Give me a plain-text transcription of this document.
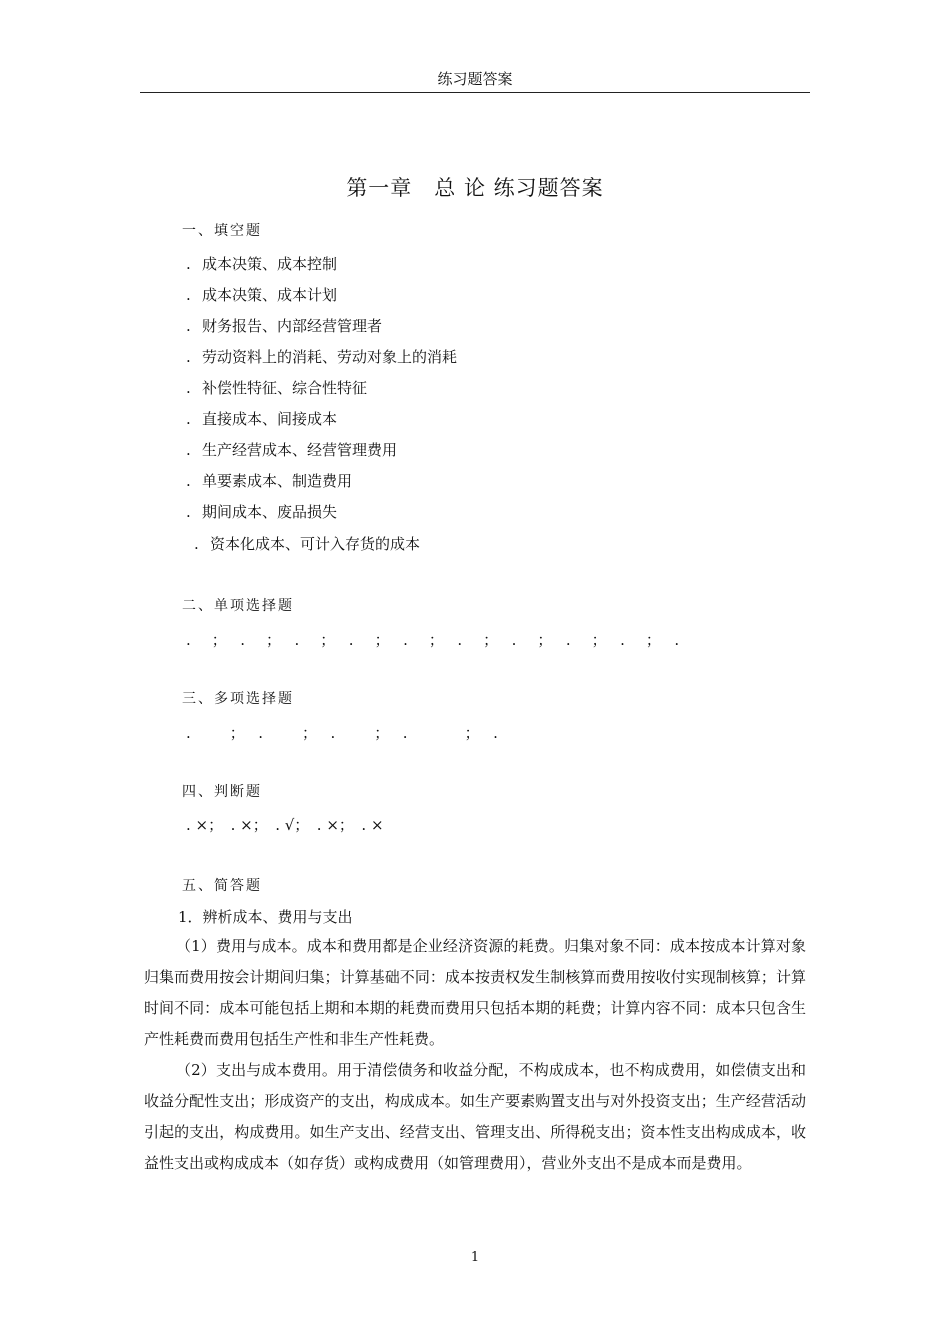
练习题答案
第一章　总 论 练习题答案
一、填空题
. 成本决策、成本控制
. 成本决策、成本计划
. 财务报告、内部经营管理者
. 劳动资料上的消耗、劳动对象上的消耗
. 补偿性特征、综合性特征
. 直接成本、间接成本
. 生产经营成本、经营管理费用
. 单要素成本、制造费用
. 期间成本、废品损失
. 资本化成本、可计入存货的成本
二、单项选择题
.　；　.　；　.　；　.　；　.　；　.　；　.　；　.　；　.　；　.
三、多项选择题
.　　；　.　　；　.　　；　.　　　；　.
四、判断题
. ×；　. ×；　. √；　. ×；　. ×
五、简答题
1．辨析成本、费用与支出
（1）费用与成本。成本和费用都是企业经济资源的耗费。归集对象不同：成本按成本计算对象归集而费用按会计期间归集；计算基础不同：成本按责权发生制核算而费用按收付实现制核算；计算时间不同：成本可能包括上期和本期的耗费而费用只包括本期的耗费；计算内容不同：成本只包含生产性耗费而费用包括生产性和非生产性耗费。
（2）支出与成本费用。用于清偿债务和收益分配，不构成成本，也不构成费用，如偿债支出和收益分配性支出；形成资产的支出，构成成本。如生产要素购置支出与对外投资支出；生产经营活动引起的支出，构成费用。如生产支出、经营支出、管理支出、所得税支出；资本性支出构成成本，收益性支出或构成成本（如存货）或构成费用（如管理费用），营业外支出不是成本而是费用。
1
